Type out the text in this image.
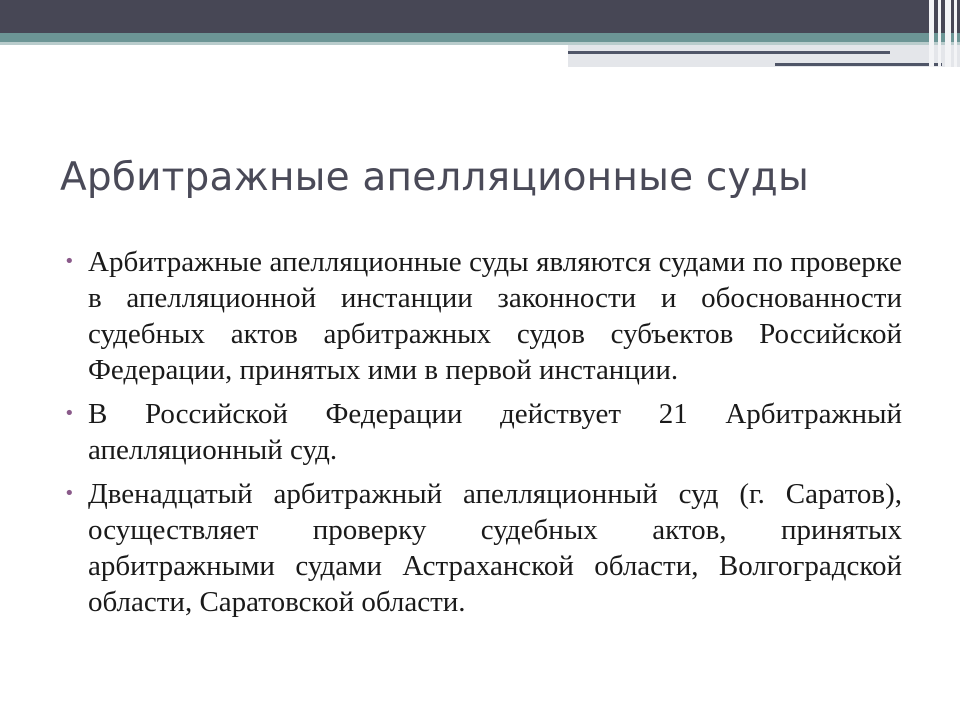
Арбитражные апелляционные суды
• Арбитражные апелляционные суды являются судами по проверке в апелляционной инстанции законности и обоснованности судебных актов арбитражных судов субъектов Российской Федерации, принятых ими в первой инстанции.
• В Российской Федерации действует 21 Арбитражный апелляционный суд.
• Двенадцатый арбитражный апелляционный суд (г. Саратов), осуществляет проверку судебных актов, принятых арбитражными судами Астраханской области, Волгоградской области, Саратовской области.
